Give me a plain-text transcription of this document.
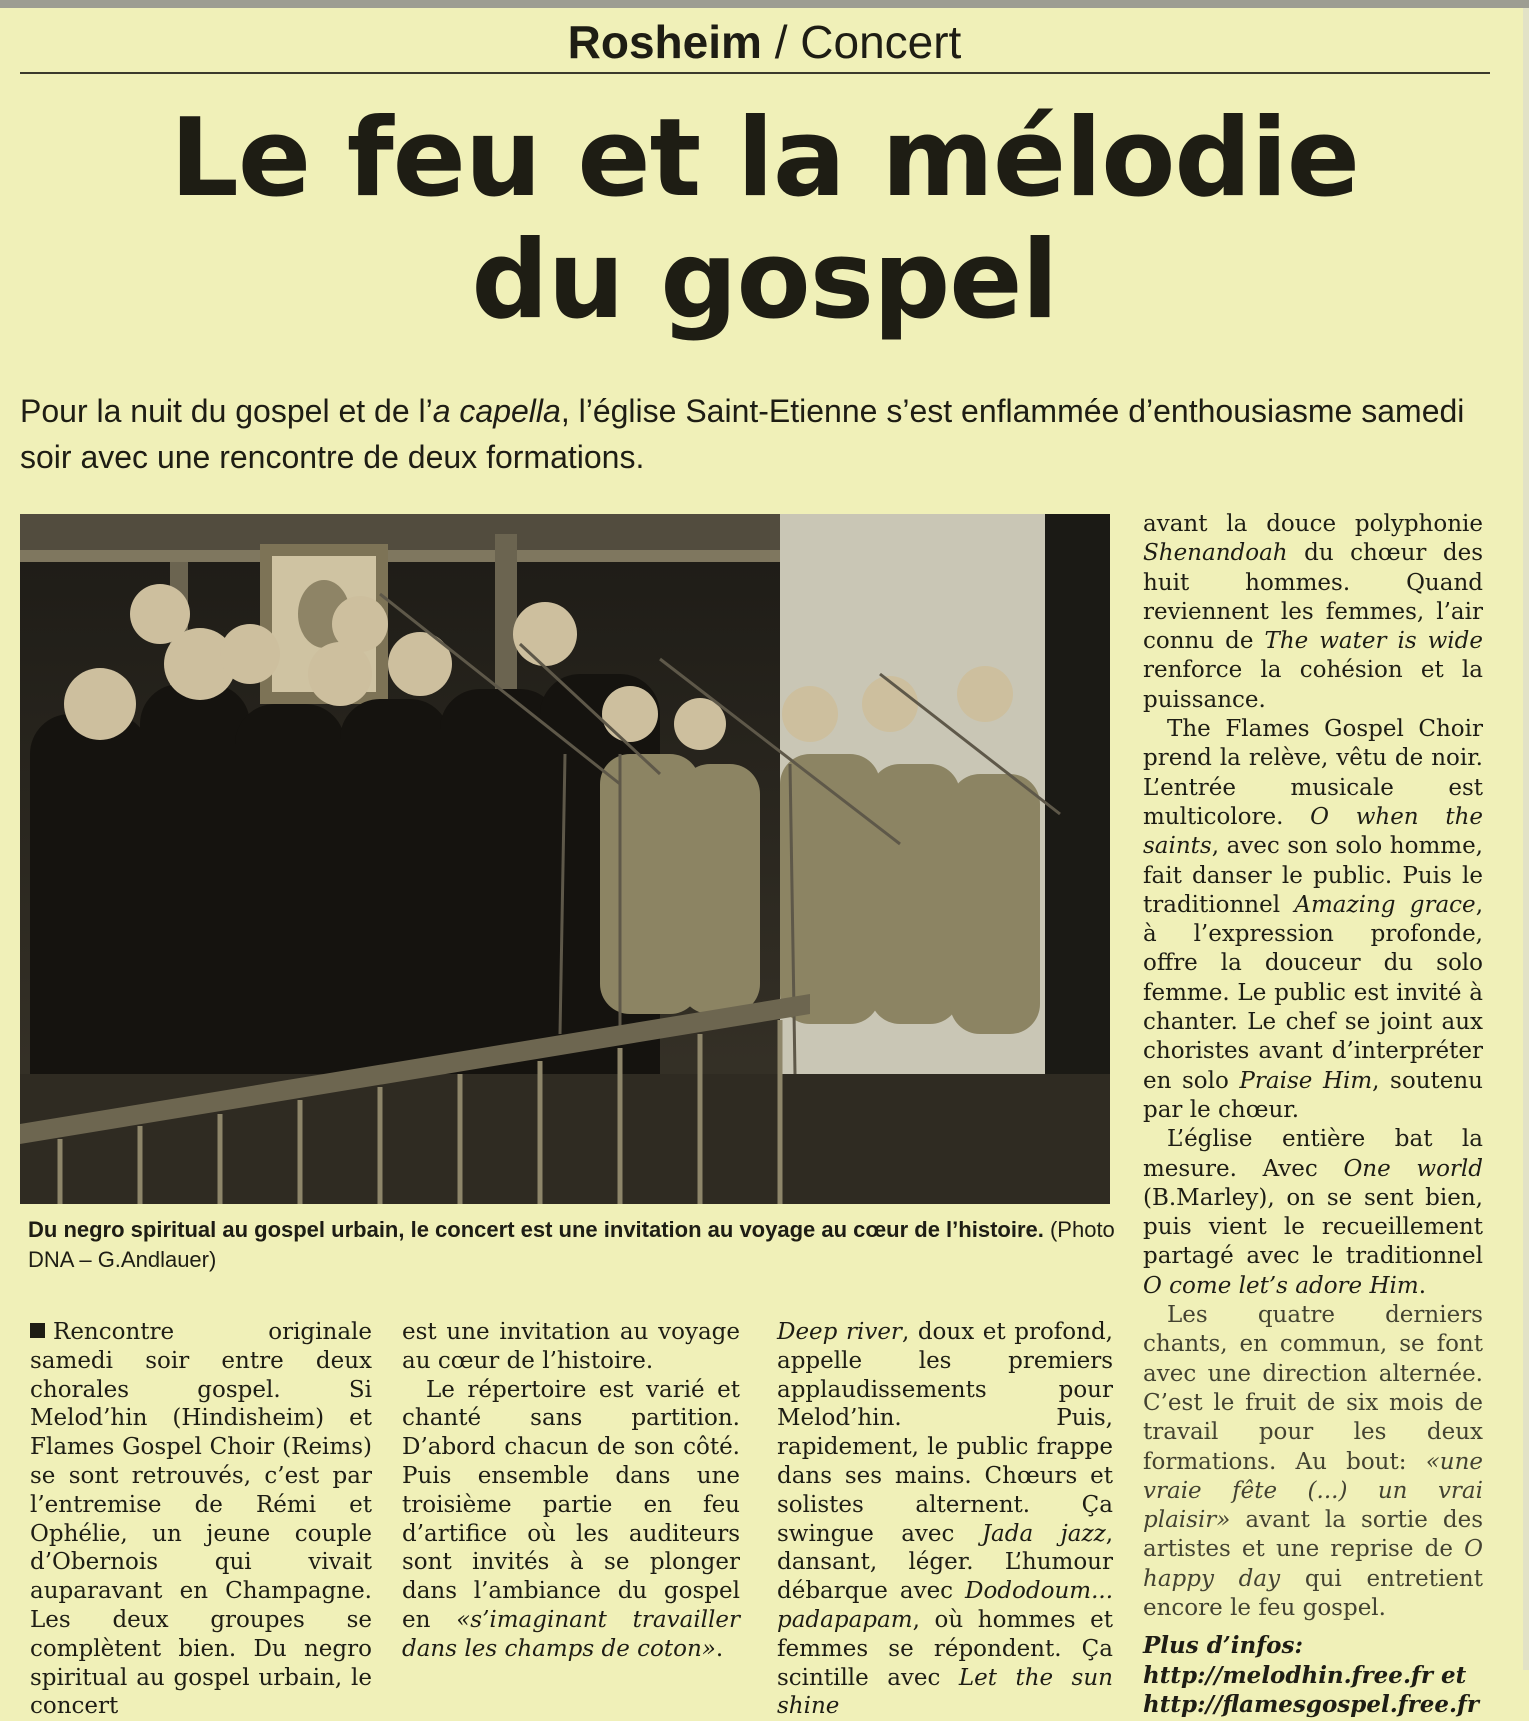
Rosheim / Concert
Le feu et la mélodie
du gospel
Pour la nuit du gospel et de l’a capella, l’église Saint-Etienne s’est enflammée d’enthousiasme samedi soir avec une rencontre de deux formations.
Du negro spiritual au gospel urbain, le concert est une invitation au voyage au cœur de l’histoire. (Photo DNA – G.Andlauer)

Rencontre originale samedi soir entre deux chorales gospel. Si Melod’hin (Hindisheim) et Flames Gospel Choir (Reims) se sont retrouvés, c’est par l’entremise de Rémi et Ophélie, un jeune couple d’Obernois qui vivait auparavant en Champagne. Les deux groupes se complètent bien. Du negro spiritual au gospel urbain, le concert

est une invitation au voyage au cœur de l’histoire.

Le répertoire est varié et chanté sans partition. D’abord chacun de son côté. Puis ensemble dans une troisième partie en feu d’artifice où les auditeurs sont invités à se plonger dans l’ambiance du gospel en «s’imaginant travailler dans les champs de coton».

Deep river, doux et profond, appelle les premiers applaudissements pour Melod’hin. Puis, rapidement, le public frappe dans ses mains. Chœurs et solistes alternent. Ça swingue avec Jada jazz, dansant, léger. L’humour débarque avec Dododoum... padapapam, où hommes et femmes se répondent. Ça scintille avec Let the sun shine

avant la douce polyphonie Shenandoah du chœur des huit hommes. Quand reviennent les femmes, l’air connu de The water is wide renforce la cohésion et la puissance.

The Flames Gospel Choir prend la relève, vêtu de noir. L’entrée musicale est multicolore. O when the saints, avec son solo homme, fait danser le public. Puis le traditionnel Amazing grace, à l’expression profonde, offre la douceur du solo femme. Le public est invité à chanter. Le chef se joint aux choristes avant d’interpréter en solo Praise Him, soutenu par le chœur.

L’église entière bat la mesure. Avec One world (B.Marley), on se sent bien, puis vient le recueillement partagé avec le traditionnel O come let’s adore Him.

Les quatre derniers chants, en commun, se font avec une direction alternée. C’est le fruit de six mois de travail pour les deux formations. Au bout: «une vraie fête (...) un vrai plaisir» avant la sortie des artistes et une reprise de O happy day qui entretient encore le feu gospel.

Plus d’infos: http://melodhin.free.fr et http://flamesgospel.free.fr
